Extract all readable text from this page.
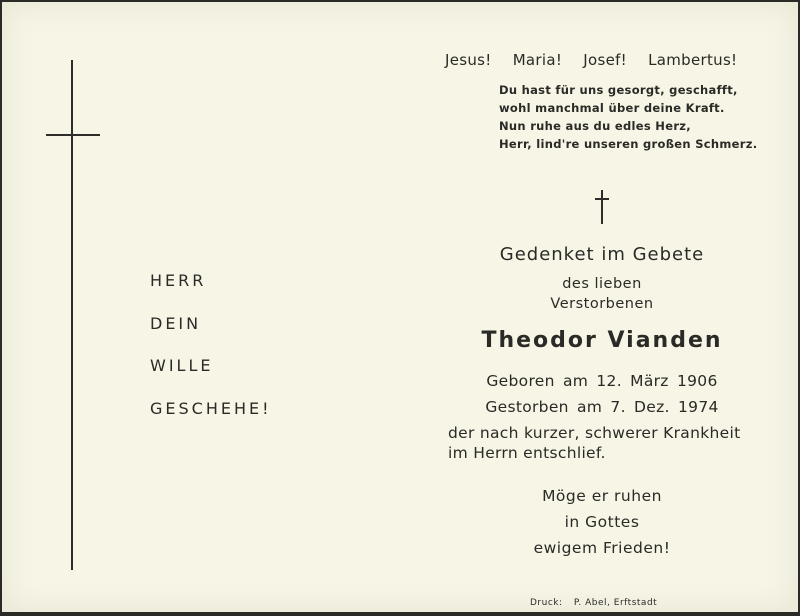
HERR
DEIN
WILLE
GESCHEHE!
Jesus! Maria! Josef! Lambertus!
Du hast für uns gesorgt, geschafft,
wohl manchmal über deine Kraft.
Nun ruhe aus du edles Herz,
Herr, lind're unseren großen Schmerz.
Gedenket im Gebete
des lieben
Verstorbenen
Theodor Vianden
Geboren am 12. März 1906
Gestorben am 7. Dez. 1974
der nach kurzer, schwerer Krankheit
im Herrn entschlief.
Möge er ruhen
in Gottes
ewigem Frieden!
Druck: P. Abel, Erftstadt
